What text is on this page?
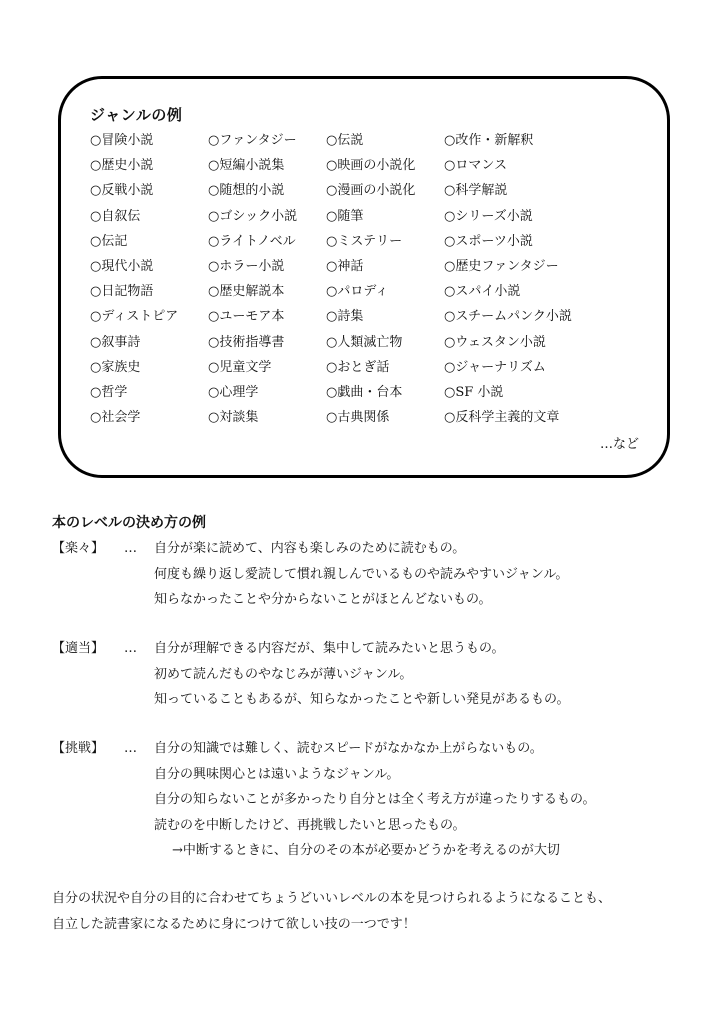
ジャンルの例
○冒険小説	○ファンタジー	○伝説	○改作・新解釈
○歴史小説	○短編小説集	○映画の小説化	○ロマンス
○反戦小説	○随想的小説	○漫画の小説化	○科学解説
○自叙伝	○ゴシック小説	○随筆	○シリーズ小説
○伝記	○ライトノベル	○ミステリー	○スポーツ小説
○現代小説	○ホラー小説	○神話	○歴史ファンタジー
○日記物語	○歴史解説本	○パロディ	○スパイ小説
○ディストピア	○ユーモア本	○詩集	○スチームパンク小説
○叙事詩	○技術指導書	○人類滅亡物	○ウェスタン小説
○家族史	○児童文学	○おとぎ話	○ジャーナリズム
○哲学	○心理学	○戯曲・台本	○SF 小説
○社会学	○対談集	○古典関係	○反科学主義的文章
…など
本のレベルの決め方の例
【楽々】 … 自分が楽に読めて、内容も楽しみのために読むもの。
何度も繰り返し愛読して慣れ親しんでいるものや読みやすいジャンル。
知らなかったことや分からないことがほとんどないもの。
【適当】 … 自分が理解できる内容だが、集中して読みたいと思うもの。
初めて読んだものやなじみが薄いジャンル。
知っていることもあるが、知らなかったことや新しい発見があるもの。
【挑戦】 … 自分の知識では難しく、読むスピードがなかなか上がらないもの。
自分の興味関心とは遠いようなジャンル。
自分の知らないことが多かったり自分とは全く考え方が違ったりするもの。
読むのを中断したけど、再挑戦したいと思ったもの。
→中断するときに、自分のその本が必要かどうかを考えるのが大切
自分の状況や自分の目的に合わせてちょうどいいレベルの本を見つけられるようになることも、
自立した読書家になるために身につけて欲しい技の一つです！
